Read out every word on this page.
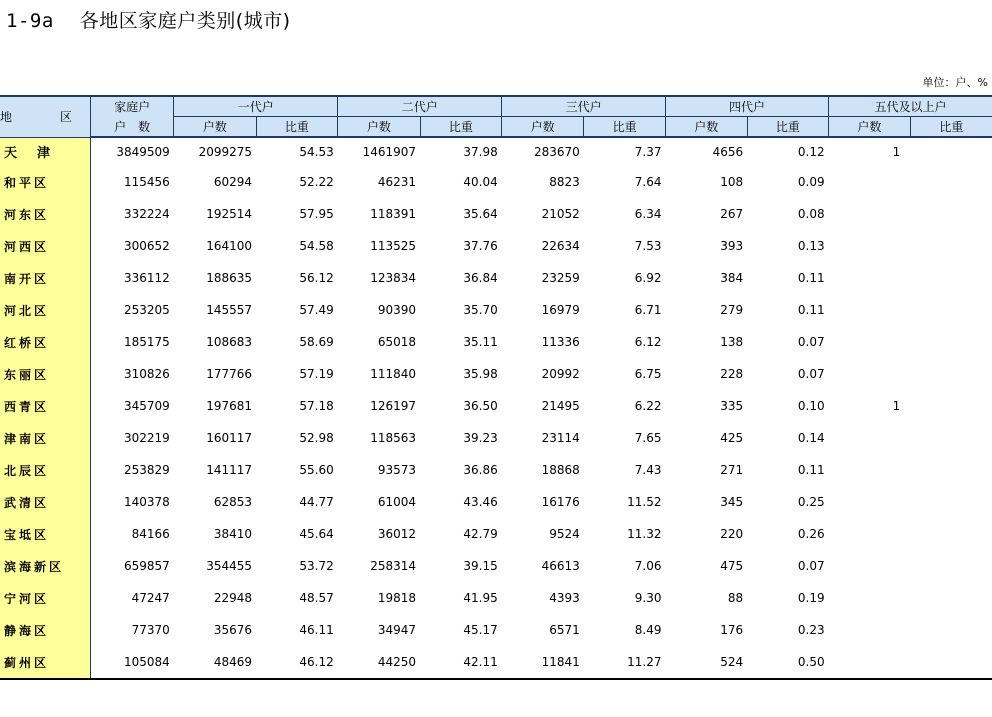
1-9a 各地区家庭户类别(城市)
单位：户、%
地　区	家庭户	一代户		二代户		三代户		四代户		五代及以上户	
	户　数	户数	比重	户数	比重	户数	比重	户数	比重	户数	比重
天津	3849509	2099275	54.53	1461907	37.98	283670	7.37	4656	0.12	1	
和平区	115456	60294	52.22	46231	40.04	8823	7.64	108	0.09		
河东区	332224	192514	57.95	118391	35.64	21052	6.34	267	0.08		
河西区	300652	164100	54.58	113525	37.76	22634	7.53	393	0.13		
南开区	336112	188635	56.12	123834	36.84	23259	6.92	384	0.11		
河北区	253205	145557	57.49	90390	35.70	16979	6.71	279	0.11		
红桥区	185175	108683	58.69	65018	35.11	11336	6.12	138	0.07		
东丽区	310826	177766	57.19	111840	35.98	20992	6.75	228	0.07		
西青区	345709	197681	57.18	126197	36.50	21495	6.22	335	0.10	1	
津南区	302219	160117	52.98	118563	39.23	23114	7.65	425	0.14		
北辰区	253829	141117	55.60	93573	36.86	18868	7.43	271	0.11		
武清区	140378	62853	44.77	61004	43.46	16176	11.52	345	0.25		
宝坻区	84166	38410	45.64	36012	42.79	9524	11.32	220	0.26		
滨海新区	659857	354455	53.72	258314	39.15	46613	7.06	475	0.07		
宁河区	47247	22948	48.57	19818	41.95	4393	9.30	88	0.19		
静海区	77370	35676	46.11	34947	45.17	6571	8.49	176	0.23		
蓟州区	105084	48469	46.12	44250	42.11	11841	11.27	524	0.50		
